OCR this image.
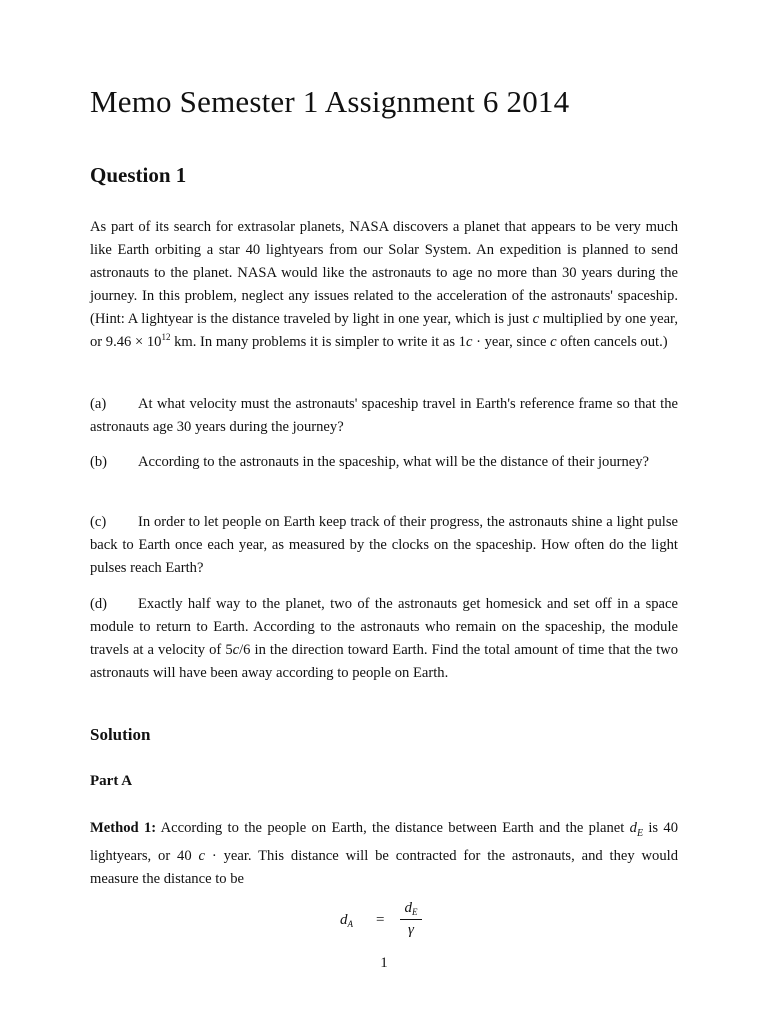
Memo Semester 1 Assignment 6 2014
Question 1

As part of its search for extrasolar planets, NASA discovers a planet that appears to be very much like Earth orbiting a star 40 lightyears from our Solar System. An expedition is planned to send astronauts to the planet. NASA would like the astronauts to age no more than 30 years during the journey. In this problem, neglect any issues related to the acceleration of the astronauts' spaceship. (Hint: A lightyear is the distance traveled by light in one year, which is just c multiplied by one year, or $9.46 \times 10^{12}$ km. In many problems it is simpler to write it as 1c · year, since c often cancels out.)

(a) At what velocity must the astronauts' spaceship travel in Earth's reference frame so that the astronauts age 30 years during the journey?

(b) According to the astronauts in the spaceship, what will be the distance of their journey?

(c) In order to let people on Earth keep track of their progress, the astronauts shine a light pulse back to Earth once each year, as measured by the clocks on the spaceship. How often do the light pulses reach Earth?

(d) Exactly half way to the planet, two of the astronauts get homesick and set off in a space module to return to Earth. According to the astronauts who remain on the spaceship, the module travels at a velocity of 5c/6 in the direction toward Earth. Find the total amount of time that the two astronauts will have been away according to people on Earth.

Solution
Part A

Method 1: According to the people on Earth, the distance between Earth and the planet $d_E$ is 40 lightyears, or 40 c · year. This distance will be contracted for the astronauts, and they would measure the distance to be

$d_A$ =
$d_E$
γ
1
